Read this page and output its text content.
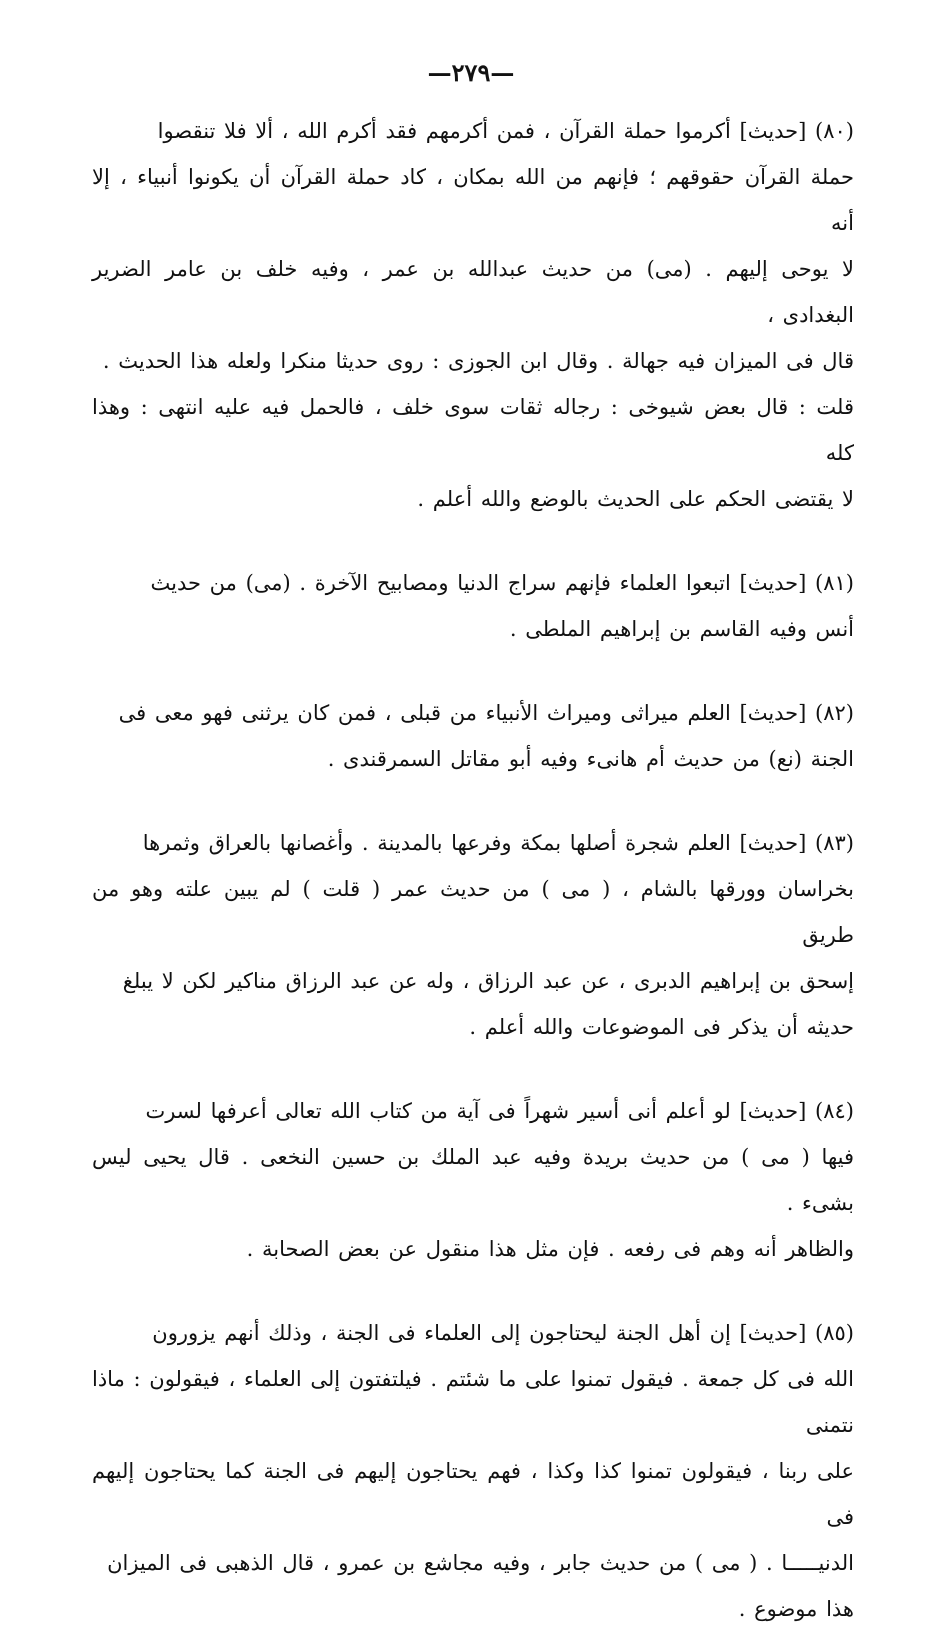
—٢٧٩—

(٨٠) [حديث] أكرموا حملة القرآن ، فمن أكرمهم فقد أكرم الله ، ألا فلا تنقصوا

حملة القرآن حقوقهم ؛ فإنهم من الله بمكان ، كاد حملة القرآن أن يكونوا أنبياء ، إلا أنه

لا يوحى إليهم . (مى) من حديث عبدالله بن عمر ، وفيه خلف بن عامر الضرير البغدادى ،

قال فى الميزان فيه جهالة . وقال ابن الجوزى : روى حديثا منكرا ولعله هذا الحديث .

قلت : قال بعض شيوخى : رجاله ثقات سوى خلف ، فالحمل فيه عليه انتهى : وهذا كله

لا يقتضى الحكم على الحديث بالوضع والله أعلم .

(٨١) [حديث] اتبعوا العلماء فإنهم سراج الدنيا ومصابيح الآخرة . (مى) من حديث

أنس وفيه القاسم بن إبراهيم الملطى .

(٨٢) [حديث] العلم ميراثى وميراث الأنبياء من قبلى ، فمن كان يرثنى فهو معى فى

الجنة (نع) من حديث أم هانىء وفيه أبو مقاتل السمرقندى .

(٨٣) [حديث] العلم شجرة أصلها بمكة وفرعها بالمدينة . وأغصانها بالعراق وثمرها

بخراسان وورقها بالشام ، ( مى ) من حديث عمر ( قلت ) لم يبين علته وهو من طريق

إسحق بن إبراهيم الدبرى ، عن عبد الرزاق ، وله عن عبد الرزاق مناكير لكن لا يبلغ

حديثه أن يذكر فى الموضوعات والله أعلم .

(٨٤) [حديث] لو أعلم أنى أسير شهراً فى آية من كتاب الله تعالى أعرفها لسرت

فيها ( مى ) من حديث بريدة وفيه عبد الملك بن حسين النخعى . قال يحيى ليس بشىء .

والظاهر أنه وهم فى رفعه . فإن مثل هذا منقول عن بعض الصحابة .

(٨٥) [حديث] إن أهل الجنة ليحتاجون إلى العلماء فى الجنة ، وذلك أنهم يزورون

الله فى كل جمعة . فيقول تمنوا على ما شئتم . فيلتفتون إلى العلماء ، فيقولون : ماذا نتمنى

على ربنا ، فيقولون تمنوا كذا وكذا ، فهم يحتاجون إليهم فى الجنة كما يحتاجون إليهم فى

الدنيـــــا . ( مى ) من حديث جابر ، وفيه مجاشع بن عمرو ، قال الذهبى فى الميزان

هذا موضوع .
